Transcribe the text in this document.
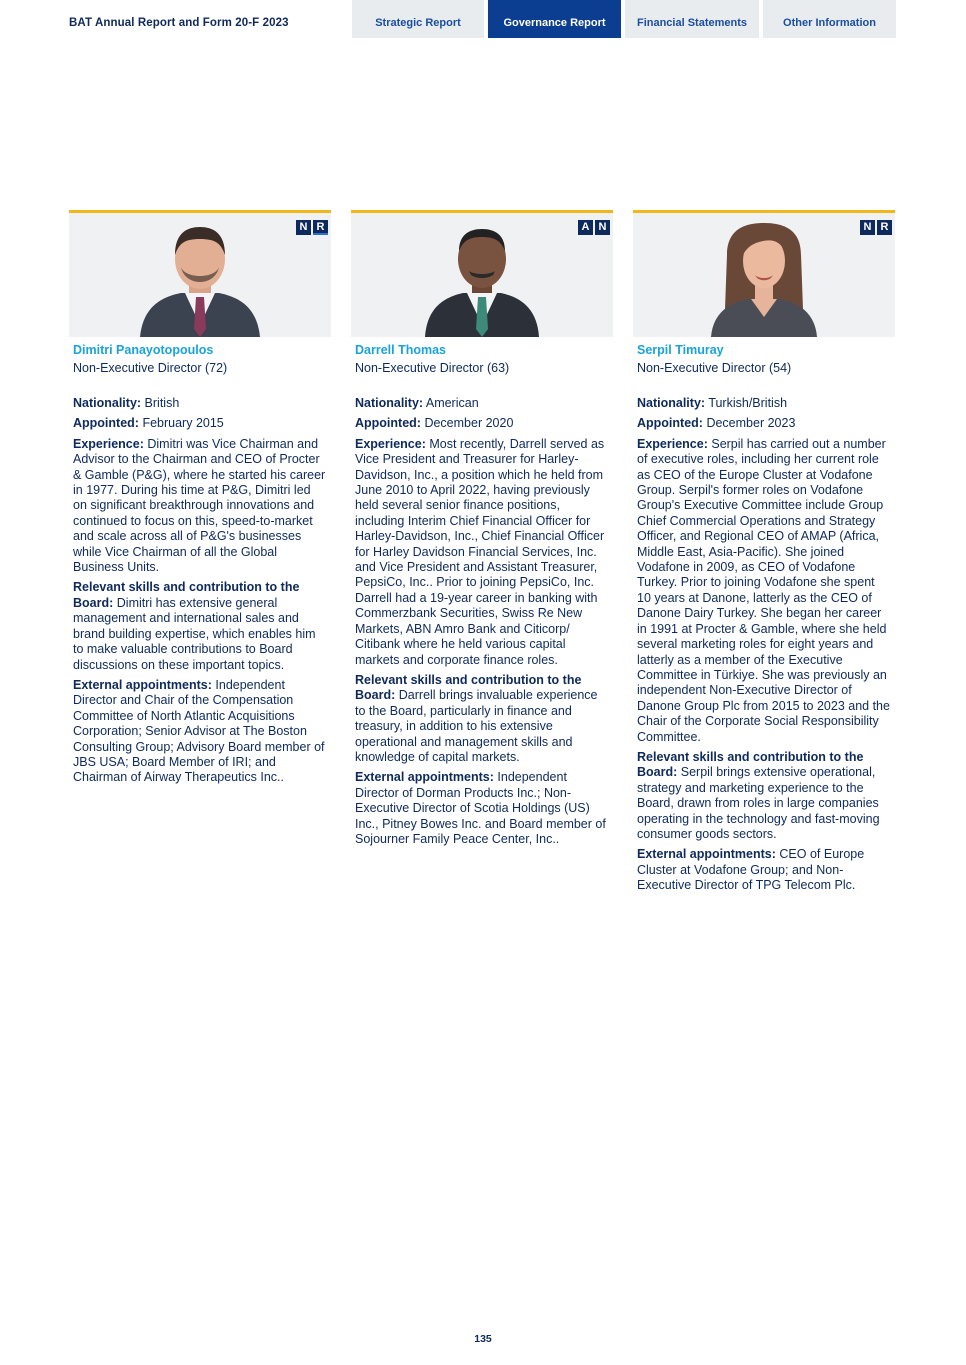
BAT Annual Report and Form 20-F 2023	Strategic Report	Governance Report	Financial Statements	Other Information
N R
Dimitri Panayotopoulos
Non-Executive Director (72)

Nationality: British

Appointed: February 2015

Experience: Dimitri was Vice Chairman and Advisor to the Chairman and CEO of Procter & Gamble (P&G), where he started his career in 1977. During his time at P&G, Dimitri led on significant breakthrough innovations and continued to focus on this, speed-to-market and scale across all of P&G's businesses while Vice Chairman of all the Global Business Units.

Relevant skills and contribution to the Board: Dimitri has extensive general management and international sales and brand building expertise, which enables him to make valuable contributions to Board discussions on these important topics.

External appointments: Independent Director and Chair of the Compensation Committee of North Atlantic Acquisitions Corporation; Senior Advisor at The Boston Consulting Group; Advisory Board member of JBS USA; Board Member of IRI; and Chairman of Airway Therapeutics Inc..

A N
Darrell Thomas
Non-Executive Director (63)

Nationality: American

Appointed: December 2020

Experience: Most recently, Darrell served as Vice President and Treasurer for Harley-Davidson, Inc., a position which he held from June 2010 to April 2022, having previously held several senior finance positions, including Interim Chief Financial Officer for Harley-Davidson, Inc., Chief Financial Officer for Harley Davidson Financial Services, Inc. and Vice President and Assistant Treasurer, PepsiCo, Inc.. Prior to joining PepsiCo, Inc. Darrell had a 19-year career in banking with Commerzbank Securities, Swiss Re New Markets, ABN Amro Bank and Citicorp/ Citibank where he held various capital markets and corporate finance roles.

Relevant skills and contribution to the Board: Darrell brings invaluable experience to the Board, particularly in finance and treasury, in addition to his extensive operational and management skills and knowledge of capital markets.

External appointments: Independent Director of Dorman Products Inc.; Non-Executive Director of Scotia Holdings (US) Inc., Pitney Bowes Inc. and Board member of Sojourner Family Peace Center, Inc..

N R
Serpil Timuray
Non-Executive Director (54)

Nationality: Turkish/British

Appointed: December 2023

Experience: Serpil has carried out a number of executive roles, including her current role as CEO of the Europe Cluster at Vodafone Group. Serpil's former roles on Vodafone Group's Executive Committee include Group Chief Commercial Operations and Strategy Officer, and Regional CEO of AMAP (Africa, Middle East, Asia-Pacific). She joined Vodafone in 2009, as CEO of Vodafone Turkey. Prior to joining Vodafone she spent 10 years at Danone, latterly as the CEO of Danone Dairy Turkey. She began her career in 1991 at Procter & Gamble, where she held several marketing roles for eight years and latterly as a member of the Executive Committee in Türkiye. She was previously an independent Non-Executive Director of Danone Group Plc from 2015 to 2023 and the Chair of the Corporate Social Responsibility Committee.

Relevant skills and contribution to the Board: Serpil brings extensive operational, strategy and marketing experience to the Board, drawn from roles in large companies operating in the technology and fast-moving consumer goods sectors.

External appointments: CEO of Europe Cluster at Vodafone Group; and Non-Executive Director of TPG Telecom Plc.

135
